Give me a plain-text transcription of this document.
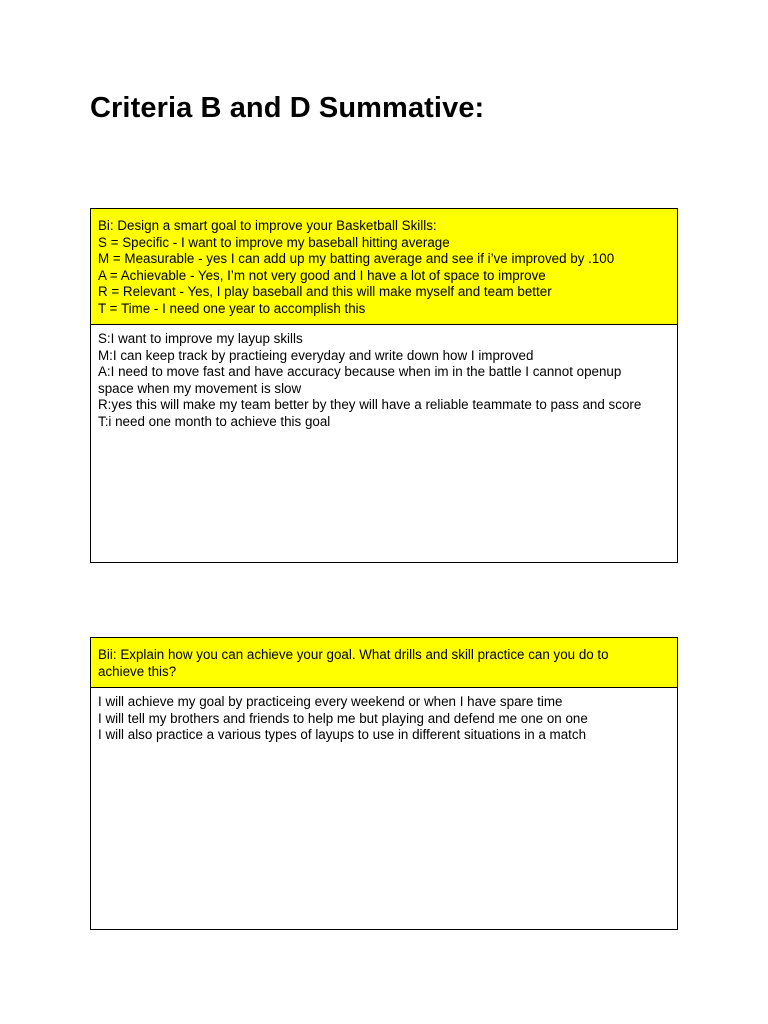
Criteria B and D Summative:
Bi: Design a smart goal to improve your Basketball Skills:
S = Specific - I want to improve my baseball hitting average
M = Measurable - yes I can add up my batting average and see if i’ve improved by .100
A = Achievable - Yes, I’m not very good and I have a lot of space to improve
R = Relevant - Yes, I play baseball and this will make myself and team better
T = Time - I need one year to accomplish this
S:I want to improve my layup skills
M:I can keep track by practieing everyday and write down how I improved
A:I need to move fast and have accuracy because when im in the battle I cannot openup
space when my movement is slow
R:yes this will make my team better by they will have a reliable teammate to pass and score
T:i need one month to achieve this goal
Bii: Explain how you can achieve your goal. What drills and skill practice can you do to
achieve this?
I will achieve my goal by practiceing every weekend or when I have spare time
I will tell my brothers and friends to help me but playing and defend me one on one
I will also practice a various types of layups to use in different situations in a match
